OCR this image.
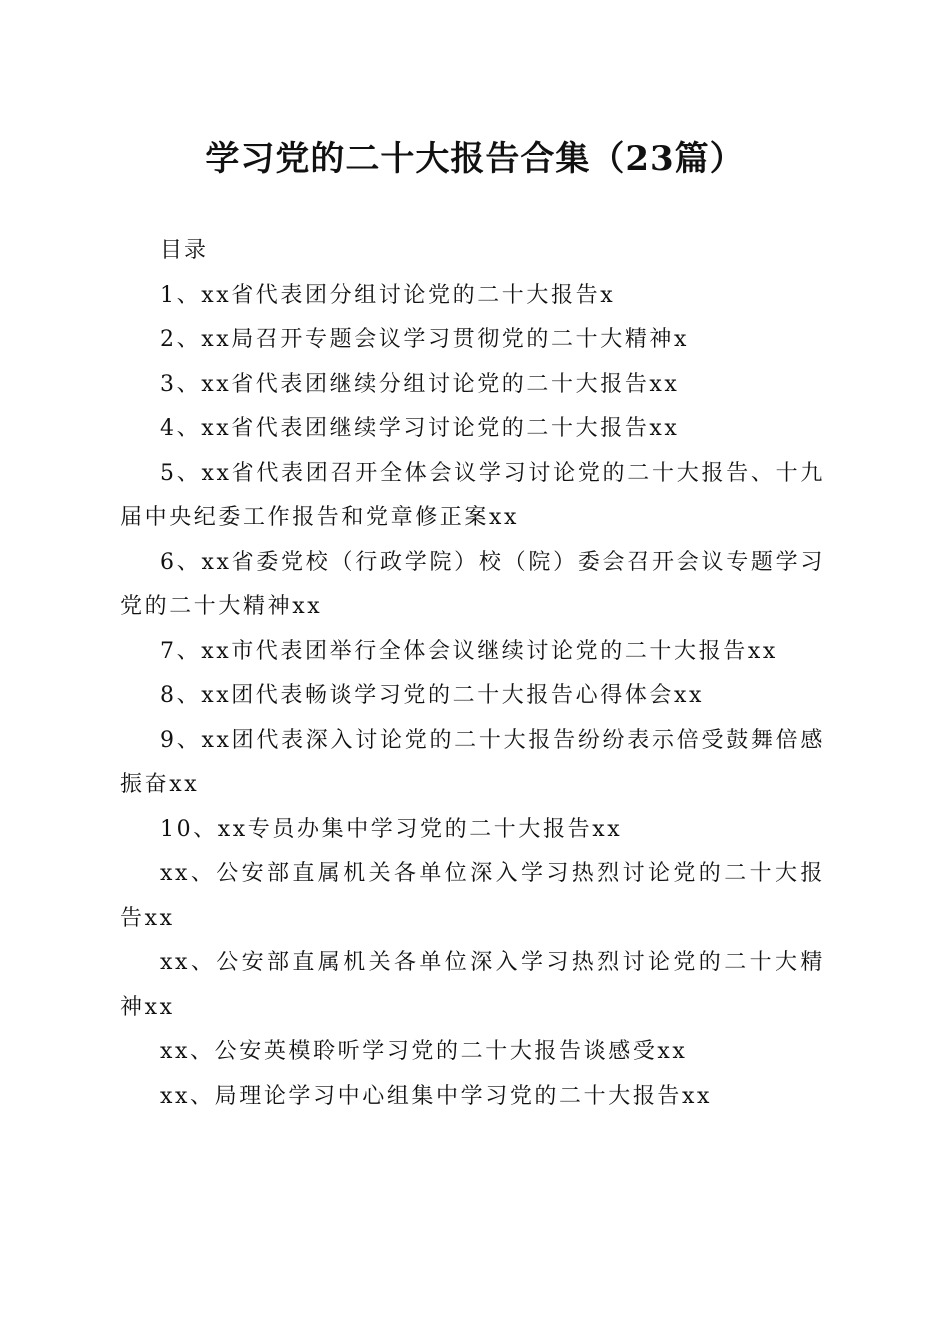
学习党的二十大报告合集（23篇）

目录

1、xx省代表团分组讨论党的二十大报告x
2、xx局召开专题会议学习贯彻党的二十大精神x
3、xx省代表团继续分组讨论党的二十大报告xx
4、xx省代表团继续学习讨论党的二十大报告xx
5、xx省代表团召开全体会议学习讨论党的二十大报告、十九届中央纪委工作报告和党章修正案xx
6、xx省委党校（行政学院）校（院）委会召开会议专题学习党的二十大精神xx
7、xx市代表团举行全体会议继续讨论党的二十大报告xx
8、xx团代表畅谈学习党的二十大报告心得体会xx
9、xx团代表深入讨论党的二十大报告纷纷表示倍受鼓舞倍感振奋xx
10、xx专员办集中学习党的二十大报告xx
xx、公安部直属机关各单位深入学习热烈讨论党的二十大报告xx
xx、公安部直属机关各单位深入学习热烈讨论党的二十大精神xx
xx、公安英模聆听学习党的二十大报告谈感受xx
xx、局理论学习中心组集中学习党的二十大报告xx
